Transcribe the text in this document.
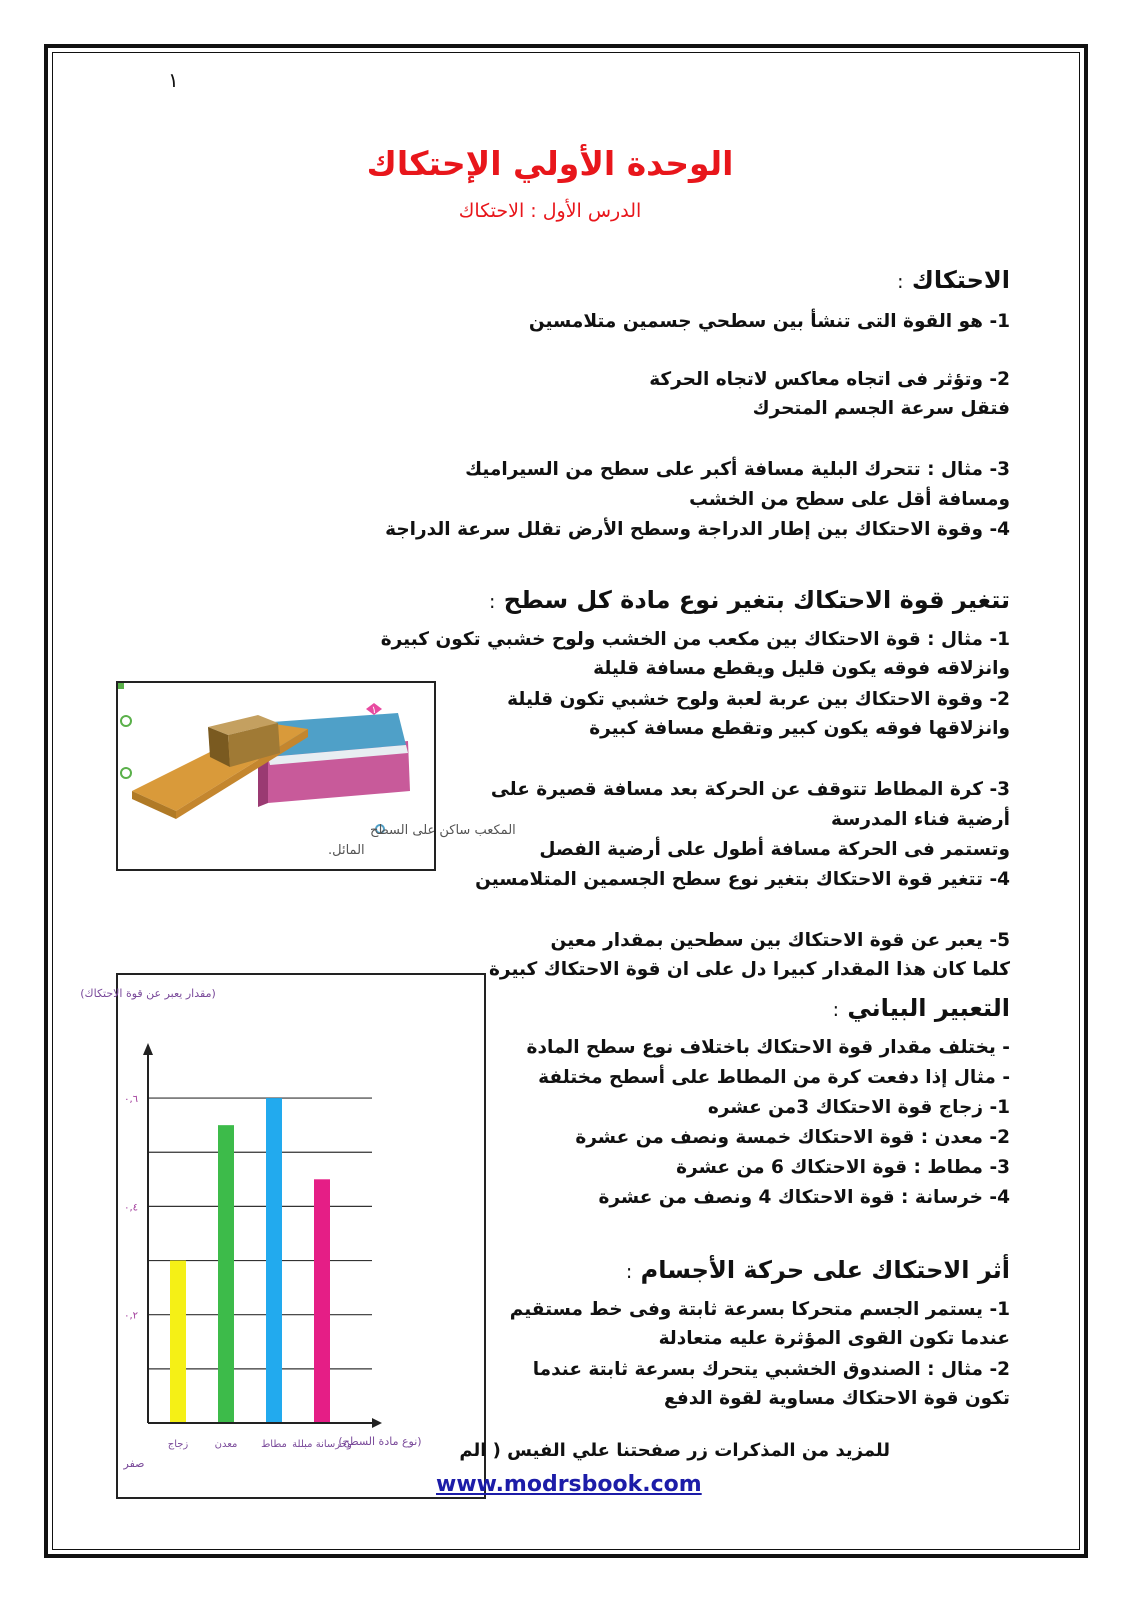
١
الوحدة الأولي الإحتكاك
الدرس الأول : الاحتكاك
الاحتكاك :
1- هو القوة التى تنشأ بين سطحي جسمين متلامسين
2- وتؤثر فى اتجاه معاكس لاتجاه الحركة
فتقل سرعة الجسم المتحرك
3- مثال : تتحرك البلية مسافة أكبر على سطح من السيراميك
ومسافة أقل على سطح من الخشب
4- وقوة الاحتكاك بين إطار الدراجة وسطح الأرض تقلل سرعة الدراجة
تتغير قوة الاحتكاك بتغير نوع مادة كل سطح :
1- مثال : قوة الاحتكاك بين مكعب من الخشب ولوح خشبي تكون كبيرة
وانزلاقه فوقه يكون قليل ويقطع مسافة قليلة
2- وقوة الاحتكاك بين عربة لعبة ولوح خشبي تكون قليلة
وانزلاقها فوقه يكون كبير وتقطع مسافة كبيرة
3- كرة المطاط تتوقف عن الحركة بعد مسافة قصيرة على
أرضية فناء المدرسة
وتستمر فى الحركة مسافة أطول على أرضية الفصل
4- تتغير قوة الاحتكاك بتغير نوع سطح الجسمين المتلامسين
5- يعبر عن قوة الاحتكاك بين سطحين بمقدار معين
كلما كان هذا المقدار كبيرا دل على ان قوة الاحتكاك كبيرة
التعبير البياني :
- يختلف مقدار قوة الاحتكاك باختلاف نوع سطح المادة
- مثال إذا دفعت كرة من المطاط على أسطح مختلفة
1- زجاج قوة الاحتكاك 3من عشره
2- معدن : قوة الاحتكاك خمسة ونصف من عشرة
3- مطاط : قوة الاحتكاك 6 من عشرة
4- خرسانة : قوة الاحتكاك 4 ونصف من عشرة
أثر الاحتكاك على حركة الأجسام :
1- يستمر الجسم متحركا بسرعة ثابتة وفى خط مستقيم
عندما تكون القوى المؤثرة عليه متعادلة
2- مثال : الصندوق الخشبي يتحرك بسرعة ثابتة عندما
تكون قوة الاحتكاك مساوية لقوة الدفع
١
المكعب ساكن على السطح
المائل.
٠,٢
٠,٤
٠,٦
زجاج	معدن مطاط وخرسانة مبللة
(مقدار يعبر عن قوة الاحتكاك)
(نوع مادة السطح)
صفر
للمزيد من المذكرات زر صفحتنا علي الفيس ( الم
www.modrsbook.com
